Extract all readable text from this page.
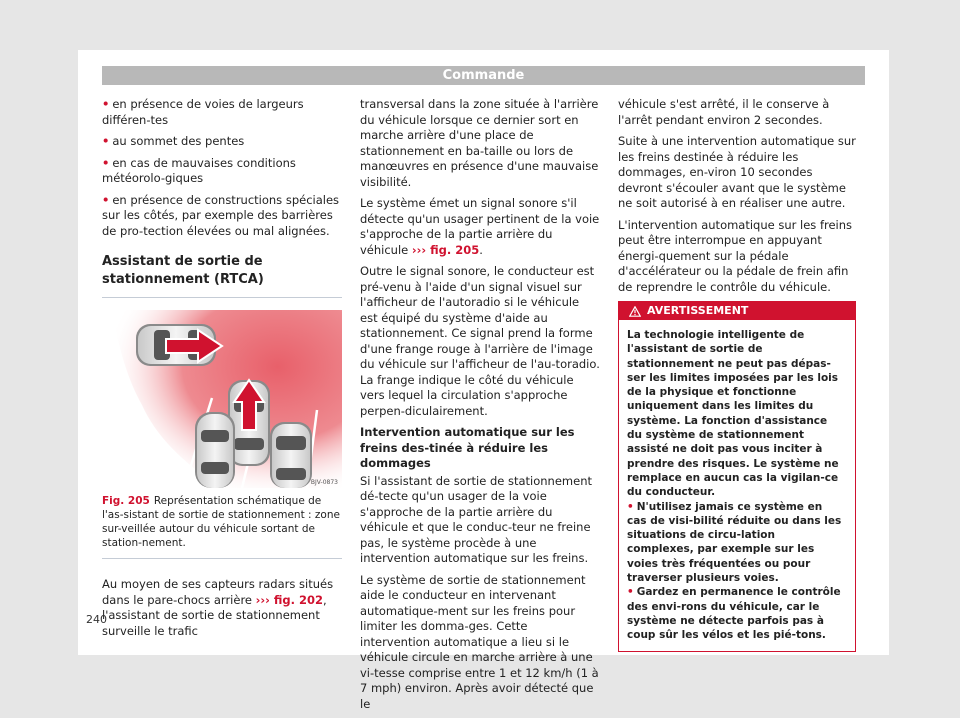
Commande

• en présence de voies de largeurs différen-tes

• au sommet des pentes

• en cas de mauvaises conditions météorolo-giques

• en présence de constructions spéciales sur les côtés, par exemple des barrières de pro-tection élevées ou mal alignées.

Assistant de sortie de stationnement (RTCA)
BJV-0873
Fig. 205 Représentation schématique de l'as-sistant de sortie de stationnement : zone sur-veillée autour du véhicule sortant de station-nement.

Au moyen de ses capteurs radars situés dans le pare-chocs arrière ››› fig. 202, l'assistant de sortie de stationnement surveille le trafic

transversal dans la zone située à l'arrière du véhicule lorsque ce dernier sort en marche arrière d'une place de stationnement en ba-taille ou lors de manœuvres en présence d'une mauvaise visibilité.

Le système émet un signal sonore s'il détecte qu'un usager pertinent de la voie s'approche de la partie arrière du véhicule ››› fig. 205.

Outre le signal sonore, le conducteur est pré-venu à l'aide d'un signal visuel sur l'afficheur de l'autoradio si le véhicule est équipé du système d'aide au stationnement. Ce signal prend la forme d'une frange rouge à l'arrière de l'image du véhicule sur l'afficheur de l'au-toradio. La frange indique le côté du véhicule vers lequel la circulation s'approche perpen-diculairement.

Intervention automatique sur les freins des-tinée à réduire les dommages

Si l'assistant de sortie de stationnement dé-tecte qu'un usager de la voie s'approche de la partie arrière du véhicule et que le conduc-teur ne freine pas, le système procède à une intervention automatique sur les freins.

Le système de sortie de stationnement aide le conducteur en intervenant automatique-ment sur les freins pour limiter les domma-ges. Cette intervention automatique a lieu si le véhicule circule en marche arrière à une vi-tesse comprise entre 1 et 12 km/h (1 à 7 mph) environ. Après avoir détecté que le

véhicule s'est arrêté, il le conserve à l'arrêt pendant environ 2 secondes.

Suite à une intervention automatique sur les freins destinée à réduire les dommages, en-viron 10 secondes devront s'écouler avant que le système ne soit autorisé à en réaliser une autre.

L'intervention automatique sur les freins peut être interrompue en appuyant énergi-quement sur la pédale d'accélérateur ou la pédale de frein afin de reprendre le contrôle du véhicule.

AVERTISSEMENT

La technologie intelligente de l'assistant de sortie de stationnement ne peut pas dépas-ser les limites imposées par les lois de la physique et fonctionne uniquement dans les limites du système. La fonction d'assistance du système de stationnement assisté ne doit pas vous inciter à prendre des risques. Le système ne remplace en aucun cas la vigilan-ce du conducteur.

• N'utilisez jamais ce système en cas de visi-bilité réduite ou dans les situations de circu-lation complexes, par exemple sur les voies très fréquentées ou pour traverser plusieurs voies.

• Gardez en permanence le contrôle des envi-rons du véhicule, car le système ne détecte parfois pas à coup sûr les vélos et les pié-tons.

240
